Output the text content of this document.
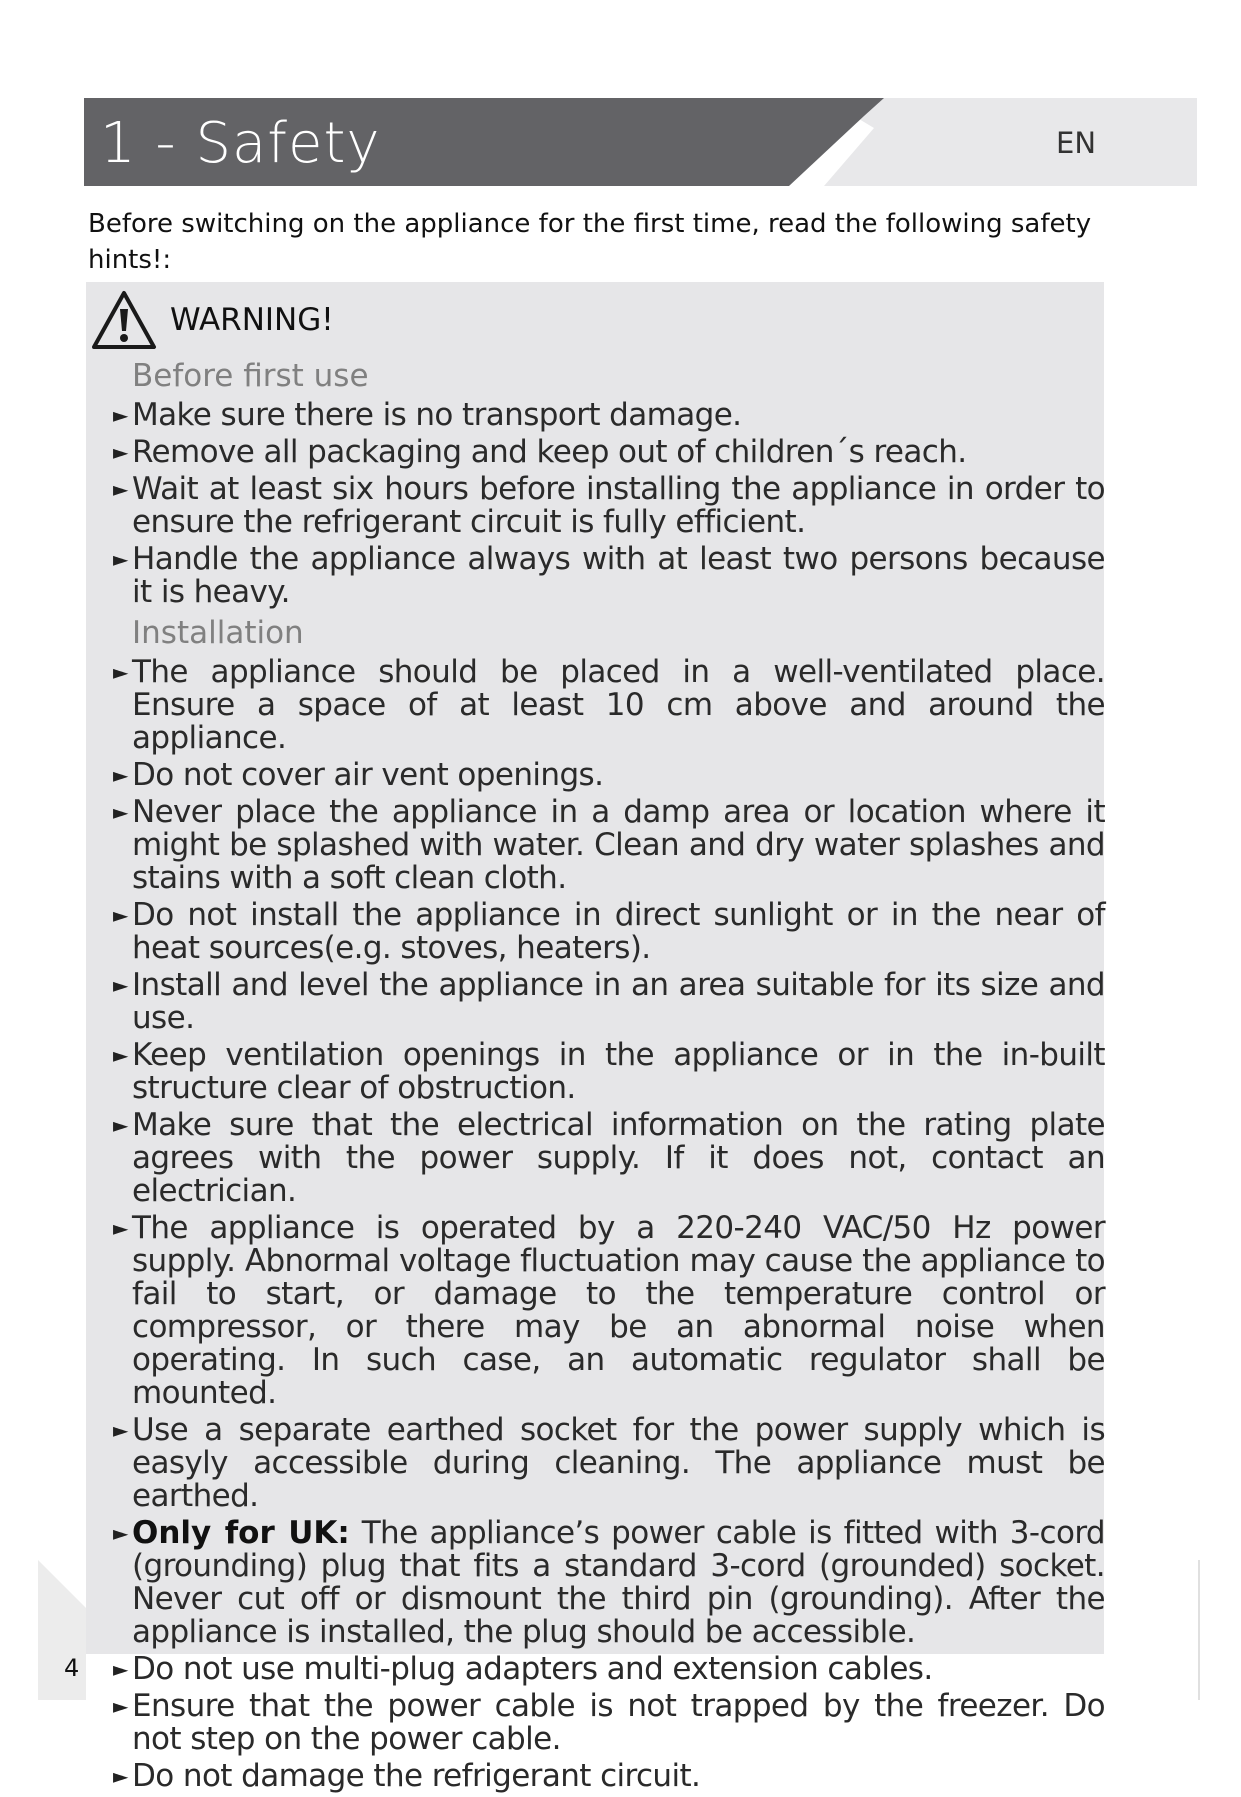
1 - Safety	EN
Before switching on the appliance for the first time, read the following safety hints!:
WARNING!
Before first use
► Make sure there is no transport damage.
► Remove all packaging and keep out of children´s reach.
► Wait at least six hours before installing the appliance in order to ensure the refrigerant circuit is fully efficient.
► Handle the appliance always with at least two persons because it is heavy.
Installation
► The appliance should be placed in a well-ventilated place. Ensure a space of at least 10 cm above and around the appliance.
► Do not cover air vent openings.
► Never place the appliance in a damp area or location where it might be splashed with water. Clean and dry water splashes and stains with a soft clean cloth.
► Do not install the appliance in direct sunlight or in the near of heat sources(e.g. stoves, heaters).
► Install and level the appliance in an area suitable for its size and use.
► Keep ventilation openings in the appliance or in the in-built structure clear of obstruction.
► Make sure that the electrical information on the rating plate agrees with the power supply. If it does not, contact an electrician.
► The appliance is operated by a 220-240 VAC/50 Hz power supply. Abnormal voltage fluctuation may cause the appliance to fail to start, or damage to the temperature control or compressor, or there may be an abnormal noise when operating. In such case, an automatic regulator shall be mounted.
► Use a separate earthed socket for the power supply which is easyly accessible during cleaning. The appliance must be earthed.
► Only for UK: The appliance’s power cable is fitted with 3-cord (grounding) plug that fits a standard 3-cord (grounded) socket. Never cut off or dismount the third pin (grounding). After the appliance is installed, the plug should be accessible.
► Do not use multi-plug adapters and extension cables.
► Ensure that the power cable is not trapped by the freezer. Do not step on the power cable.
► Do not damage the refrigerant circuit.
4
